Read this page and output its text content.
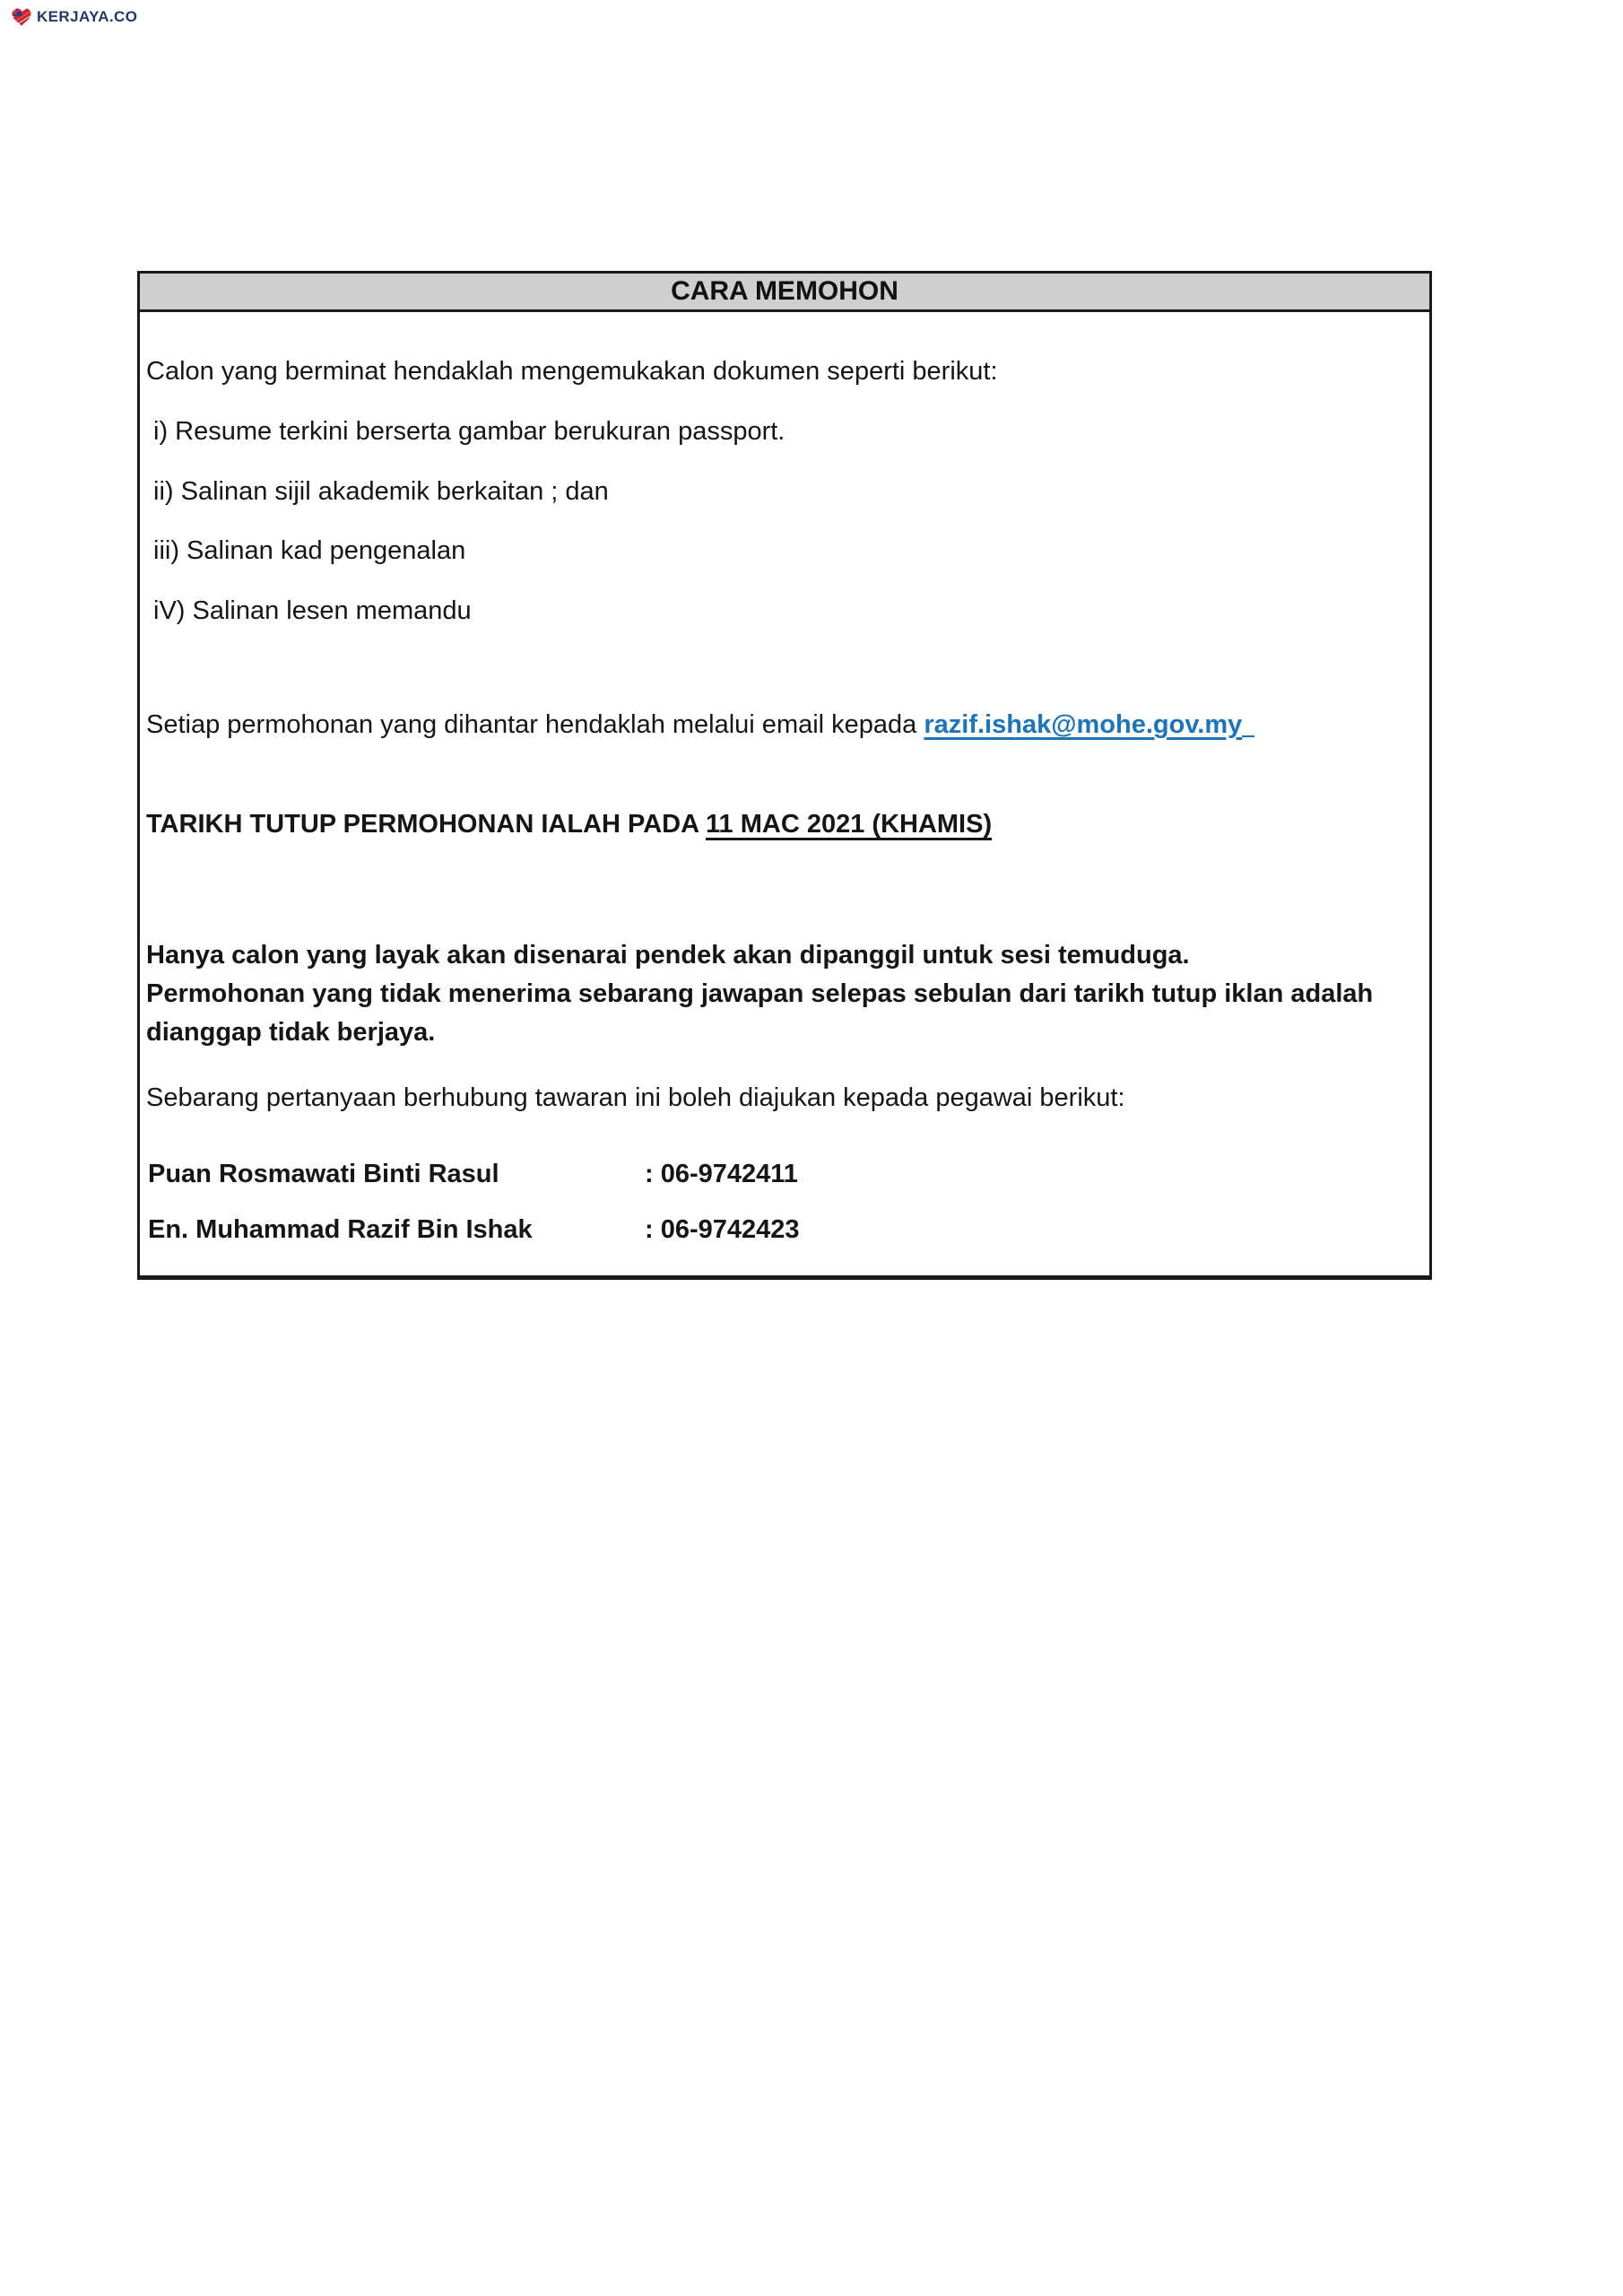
KERJAYA.CO
CARA MEMOHON
Calon yang berminat hendaklah mengemukakan dokumen seperti berikut:
i) Resume terkini berserta gambar berukuran passport.
ii) Salinan sijil akademik berkaitan ; dan
iii) Salinan kad pengenalan
iV) Salinan lesen memandu
Setiap permohonan yang dihantar hendaklah melalui email kepada razif.ishak@mohe.gov.my
TARIKH TUTUP PERMOHONAN IALAH PADA 11 MAC 2021 (KHAMIS)
Hanya calon yang layak akan disenarai pendek akan dipanggil untuk sesi temuduga.
Permohonan yang tidak menerima sebarang jawapan selepas sebulan dari tarikh tutup iklan adalah dianggap tidak berjaya.
Sebarang pertanyaan berhubung tawaran ini boleh diajukan kepada pegawai berikut:
Puan Rosmawati Binti Rasul	: 06-9742411
En. Muhammad Razif Bin Ishak	: 06-9742423
